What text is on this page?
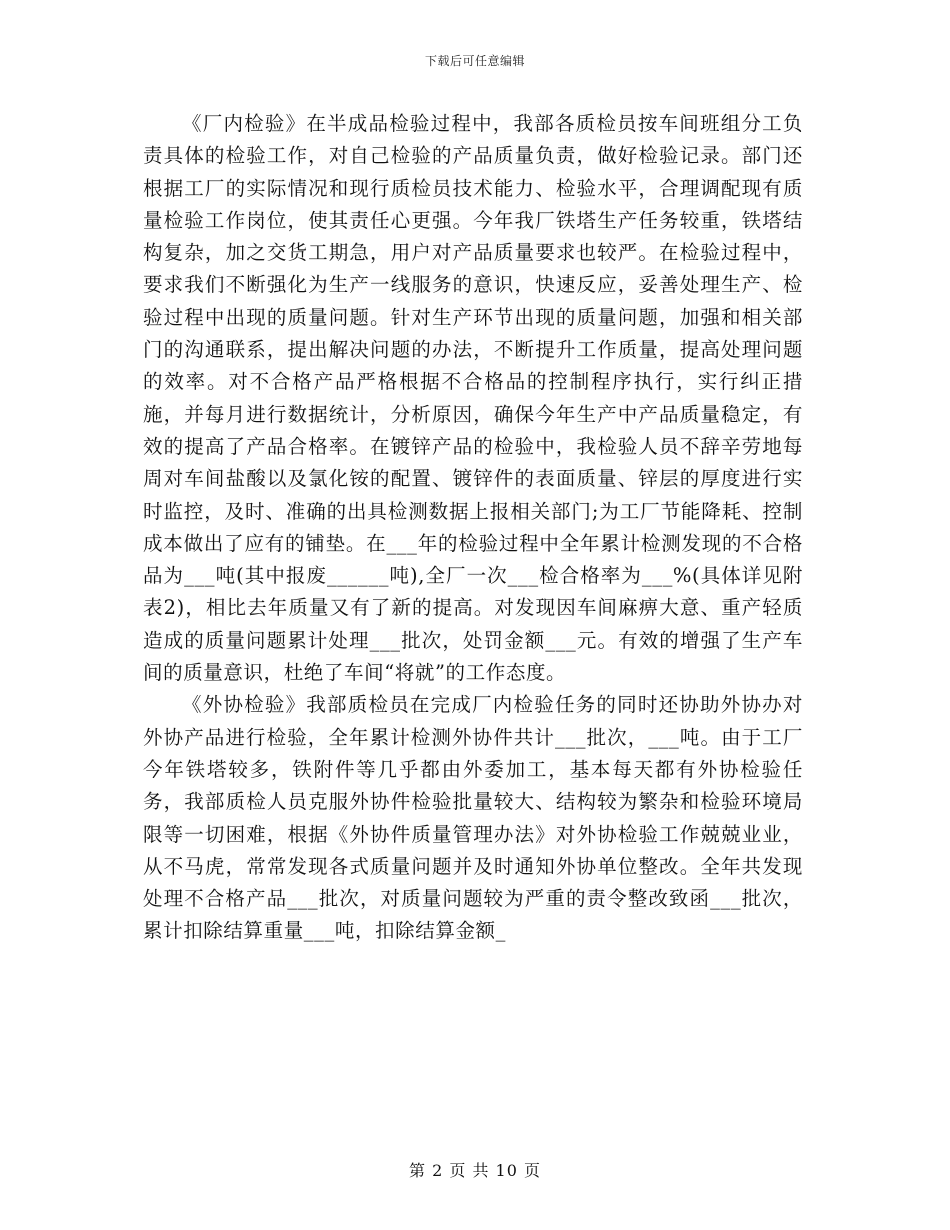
下载后可任意编辑

《厂内检验》在半成品检验过程中，我部各质检员按车间班组分工负责具体的检验工作，对自己检验的产品质量负责，做好检验记录。部门还根据工厂的实际情况和现行质检员技术能力、检验水平，合理调配现有质量检验工作岗位，使其责任心更强。今年我厂铁塔生产任务较重，铁塔结构复杂，加之交货工期急，用户对产品质量要求也较严。在检验过程中，要求我们不断强化为生产一线服务的意识，快速反应，妥善处理生产、检验过程中出现的质量问题。针对生产环节出现的质量问题，加强和相关部门的沟通联系，提出解决问题的办法，不断提升工作质量，提高处理问题的效率。对不合格产品严格根据不合格品的控制程序执行，实行纠正措施，并每月进行数据统计，分析原因，确保今年生产中产品质量稳定，有效的提高了产品合格率。在镀锌产品的检验中，我检验人员不辞辛劳地每周对车间盐酸以及氯化铵的配置、镀锌件的表面质量、锌层的厚度进行实时监控，及时、准确的出具检测数据上报相关部门;为工厂节能降耗、控制成本做出了应有的铺垫。在___年的检验过程中全年累计检测发现的不合格品为___吨(其中报废______吨),全厂一次___检合格率为___%(具体详见附表2)，相比去年质量又有了新的提高。对发现因车间麻痹大意、重产轻质造成的质量问题累计处理___批次，处罚金额___元。有效的增强了生产车间的质量意识，杜绝了车间“将就”的工作态度。

《外协检验》我部质检员在完成厂内检验任务的同时还协助外协办对外协产品进行检验，全年累计检测外协件共计___批次，___吨。由于工厂今年铁塔较多，铁附件等几乎都由外委加工，基本每天都有外协检验任务，我部质检人员克服外协件检验批量较大、结构较为繁杂和检验环境局限等一切困难，根据《外协件质量管理办法》对外协检验工作兢兢业业，从不马虎，常常发现各式质量问题并及时通知外协单位整改。全年共发现处理不合格产品___批次，对质量问题较为严重的责令整改致函___批次，累计扣除结算重量___吨，扣除结算金额_

第 2 页 共 10 页
